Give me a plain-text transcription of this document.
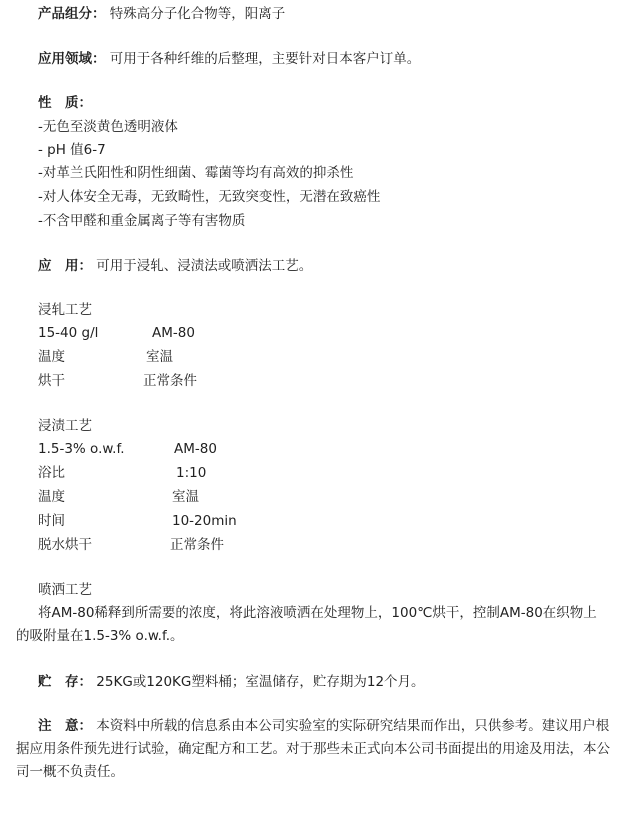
产品组分： 特殊高分子化合物等，阳离子
应用领域： 可用于各种纤维的后整理，主要针对日本客户订单。
性　质：
-无色至淡黄色透明液体
- pH 值6-7
-对革兰氏阳性和阴性细菌、霉菌等均有高效的抑杀性
-对人体安全无毒，无致畸性，无致突变性，无潜在致癌性
-不含甲醛和重金属离子等有害物质
应　用： 可用于浸轧、浸渍法或喷洒法工艺。
浸轧工艺
15-40 g/l	AM-80
温度	室温
烘干	正常条件
浸渍工艺
1.5-3% o.w.f.	AM-80
浴比	1:10
温度	室温
时间	10-20min
脱水烘干	正常条件
喷洒工艺
将AM-80稀释到所需要的浓度，将此溶液喷洒在处理物上，100℃烘干，控制AM-80在织物上的吸附量在1.5-3% o.w.f.。
贮　存： 25KG或120KG塑料桶；室温储存，贮存期为12个月。
注　意： 本资料中所载的信息系由本公司实验室的实际研究结果而作出，只供参考。建议用户根据应用条件预先进行试验，确定配方和工艺。对于那些未正式向本公司书面提出的用途及用法，本公司一概不负责任。
